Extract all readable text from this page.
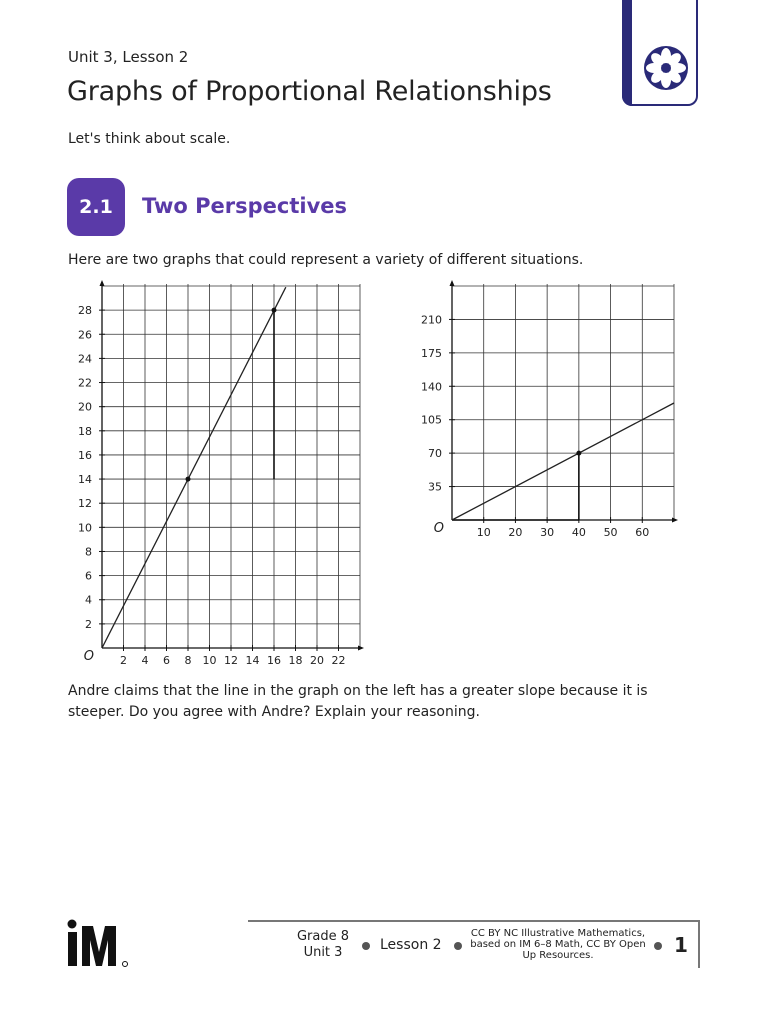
Unit 3, Lesson 2
Graphs of Proportional Relationships
Let's think about scale.
2.1	Two Perspectives
Here are two graphs that could represent a variety of different situations.
2 4 6 8 10 12 14 16 18 20 22
2
4
6
8
10
12
14
16
18
20
22
24
26
28
O
10 20 30 40 50 60
35
70
105
140
175
210
O
Andre claims that the line in the graph on the left has a greater slope because it is steeper. Do you agree with Andre? Explain your reasoning.
Grade 8
Unit 3	Lesson 2
CC BY NC Illustrative Mathematics, based on IM 6–8 Math, CC BY Open Up Resources.	1
